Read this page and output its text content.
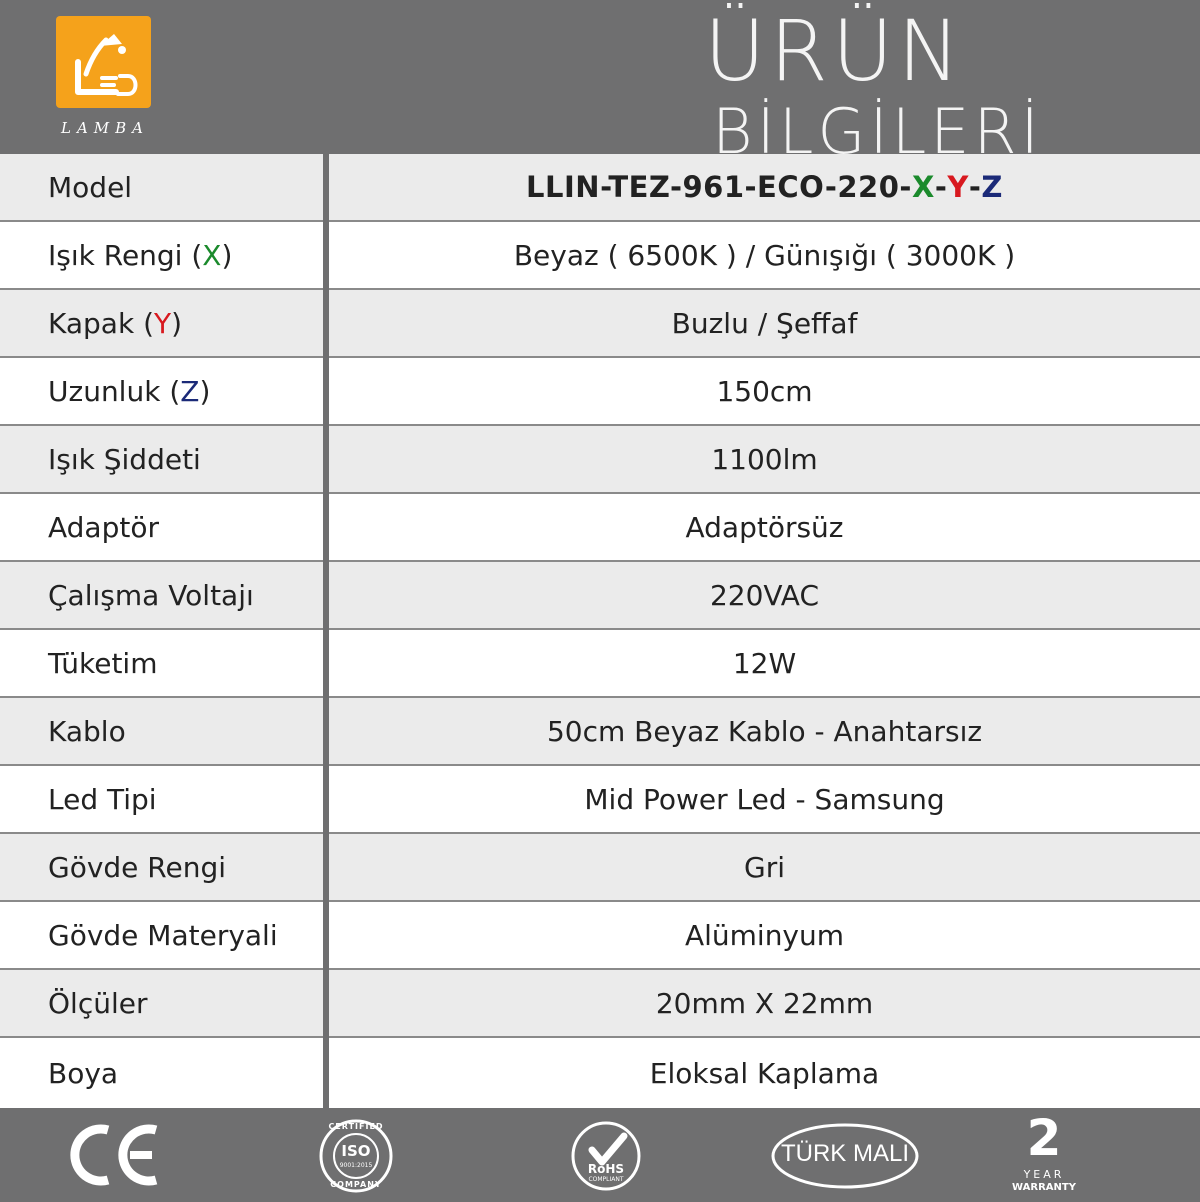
LAMBA
ÜRÜN
BİLGİLERİ
Model	LLIN-TEZ-961-ECO-220- X - Y - Z
Işık Rengi ( X )	Beyaz ( 6500K ) / Günışığı ( 3000K )
Kapak ( Y )	Buzlu / Şeffaf
Uzunluk ( Z )	150cm
Işık Şiddeti	1100lm
Adaptör	Adaptörsüz
Çalışma Voltajı	220VAC
Tüketim	12W
Kablo	50cm Beyaz Kablo - Anahtarsız
Led Tipi	Mid Power Led - Samsung
Gövde Rengi	Gri
Gövde Materyali	Alüminyum
Ölçüler	20mm X 22mm
Boya	Eloksal Kaplama
CERTIFIED
ISO
9001:2015
COMPANY
RoHS
COMPLIANT
TÜRK MALI	2
YEAR
WARRANTY
